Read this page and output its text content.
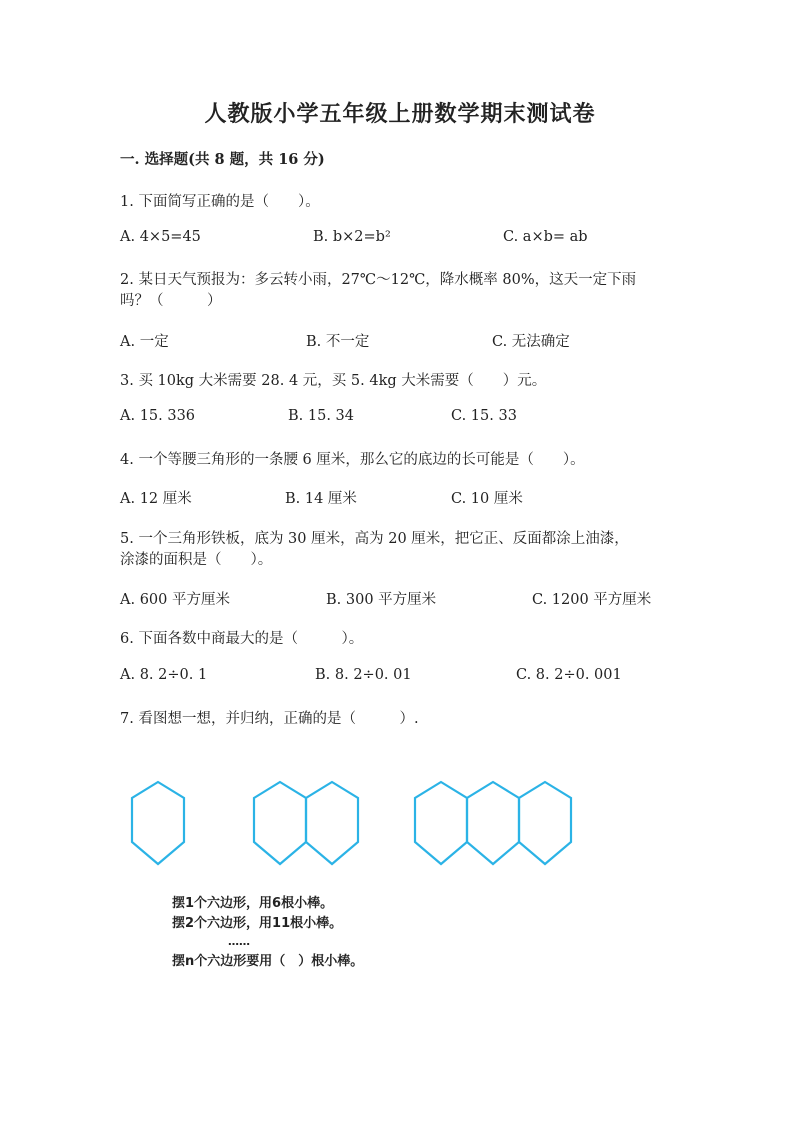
人教版小学五年级上册数学期末测试卷
一. 选择题(共 8 题，共 16 分)
1. 下面简写正确的是（　　）。
A. 4×5=45	B. b×2=b²	C. a×b= ab
2. 某日天气预报为：多云转小雨，27℃～12℃，降水概率 80%，这天一定下雨
吗？（　　　）
A. 一定	B. 不一定	C. 无法确定
3. 买 10kg 大米需要 28. 4 元，买 5. 4kg 大米需要（　　）元。
A. 15. 336	B. 15. 34	C. 15. 33
4. 一个等腰三角形的一条腰 6 厘米，那么它的底边的长可能是（　　）。
A. 12 厘米	B. 14 厘米	C. 10 厘米
5. 一个三角形铁板，底为 30 厘米，高为 20 厘米，把它正、反面都涂上油漆，
涂漆的面积是（　　）。
A. 600 平方厘米	B. 300 平方厘米	C. 1200 平方厘米
6. 下面各数中商最大的是（　　　）。
A. 8. 2÷0. 1	B. 8. 2÷0. 01	C. 8. 2÷0. 001
7. 看图想一想，并归纳，正确的是（　　　）.
摆1个六边形，用6根小棒。
摆2个六边形，用11根小棒。
……
摆n个六边形要用（　）根小棒。
